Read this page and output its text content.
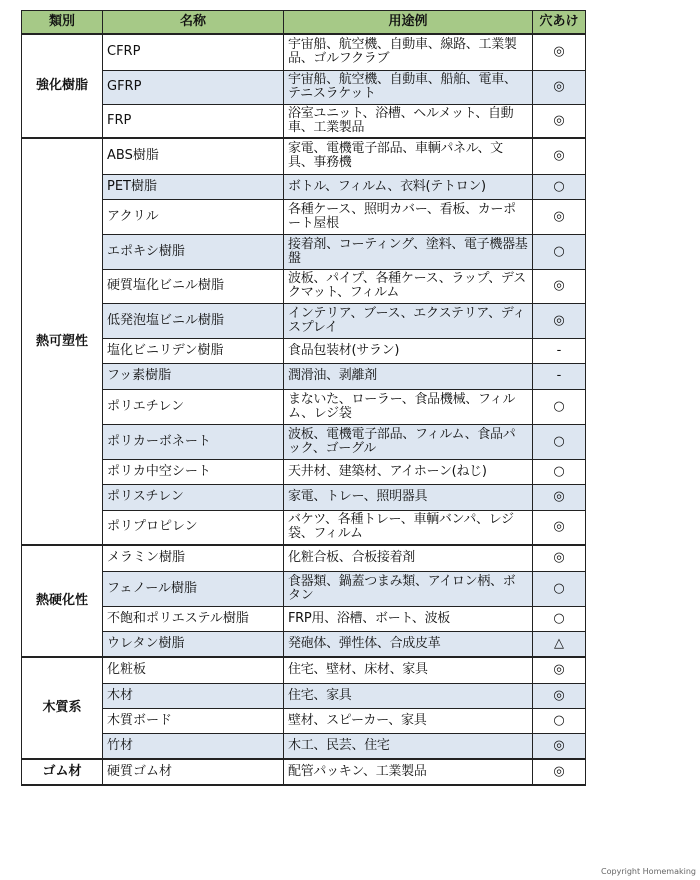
類別	名称	用途例	穴あけ
強化樹脂	CFRP	宇宙船、航空機、自動車、線路、工業製品、ゴルフクラブ	◎
	GFRP	宇宙船、航空機、自動車、船舶、電車、テニスラケット	◎
	FRP	浴室ユニット、浴槽、ヘルメット、自動車、工業製品	◎
熱可塑性	ABS樹脂	家電、電機電子部品、車輌パネル、文具、事務機	◎
	PET樹脂	ボトル、フィルム、衣料(テトロン)	○
	アクリル	各種ケース、照明カバー、看板、カーポート屋根	◎
	エポキシ樹脂	接着剤、コーティング、塗料、電子機器基盤	○
	硬質塩化ビニル樹脂	波板、パイプ、各種ケース、ラップ、デスクマット、フィルム	◎
	低発泡塩ビニル樹脂	インテリア、ブース、エクステリア、ディスプレイ	◎
	塩化ビニリデン樹脂	食品包装材(サラン)	-
	フッ素樹脂	潤滑油、剥離剤	-
	ポリエチレン	まないた、ローラー、食品機械、フィルム、レジ袋	○
	ポリカーボネート	波板、電機電子部品、フィルム、食品パック、ゴーグル	○
	ポリカ中空シート	天井材、建築材、アイホーン(ねじ)	○
	ポリスチレン	家電、トレー、照明器具	◎
	ポリプロピレン	バケツ、各種トレー、車輌バンパ、レジ袋、フィルム	◎
熱硬化性	メラミン樹脂	化粧合板、合板接着剤	◎
	フェノール樹脂	食器類、鍋蓋つまみ類、アイロン柄、ボタン	○
	不飽和ポリエステル樹脂	FRP用、浴槽、ボート、波板	○
	ウレタン樹脂	発砲体、弾性体、合成皮革	△
木質系	化粧板	住宅、壁材、床材、家具	◎
	木材	住宅、家具	◎
	木質ボード	壁材、スピーカー、家具	○
	竹材	木工、民芸、住宅	◎
ゴム材	硬質ゴム材	配管パッキン、工業製品	◎
Copyright Homemaking
